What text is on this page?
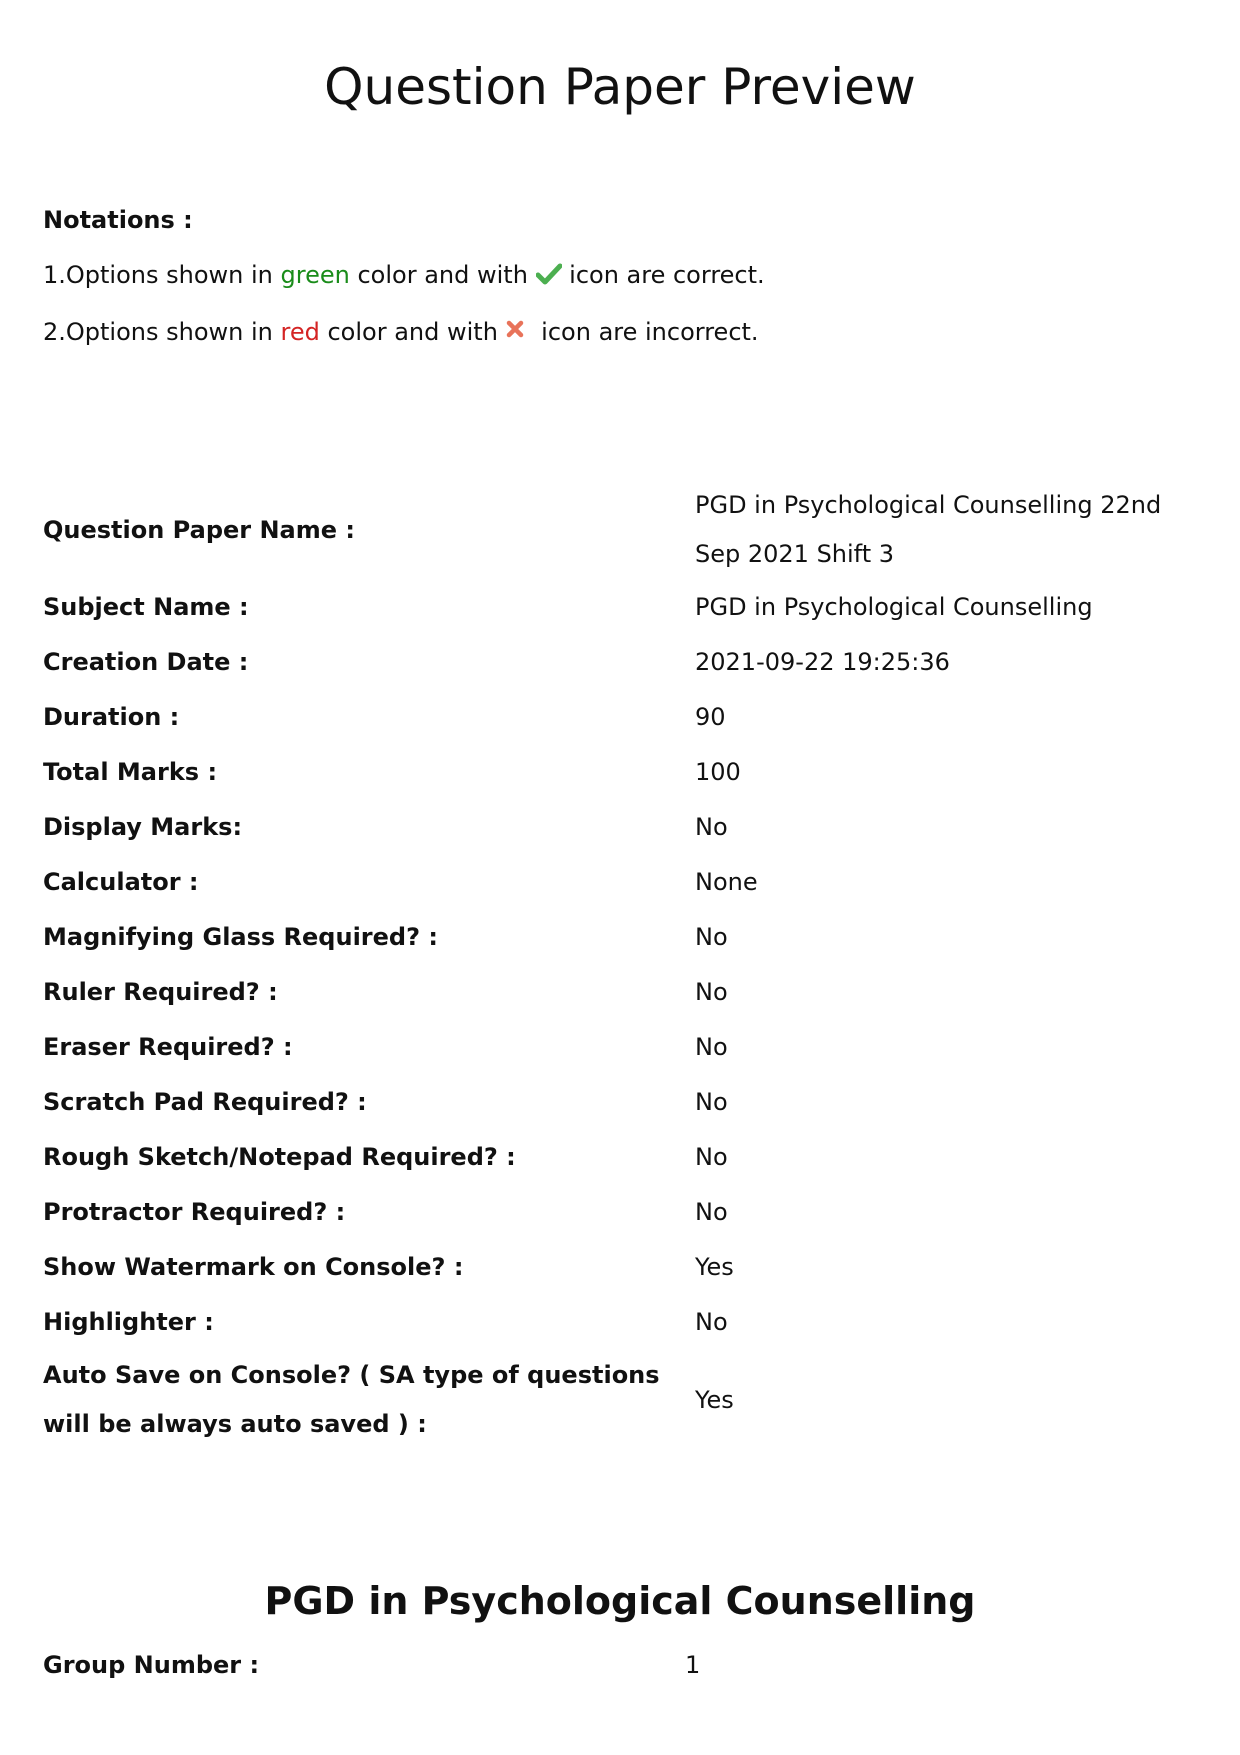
Question Paper Preview
Notations :
1.Options shown in green color and with  icon are correct.
2.Options shown in red color and with  icon are incorrect.
Question Paper Name :	PGD in Psychological Counselling 22nd Sep 2021 Shift 3
Subject Name :	PGD in Psychological Counselling
Creation Date :	2021-09-22 19:25:36
Duration :	90
Total Marks :	100
Display Marks:	No
Calculator :	None
Magnifying Glass Required? :	No
Ruler Required? :	No
Eraser Required? :	No
Scratch Pad Required? :	No
Rough Sketch/Notepad Required? :	No
Protractor Required? :	No
Show Watermark on Console? :	Yes
Highlighter :	No
Auto Save on Console? ( SA type of questions will be always auto saved ) :	Yes
PGD in Psychological Counselling
Group Number :	1
